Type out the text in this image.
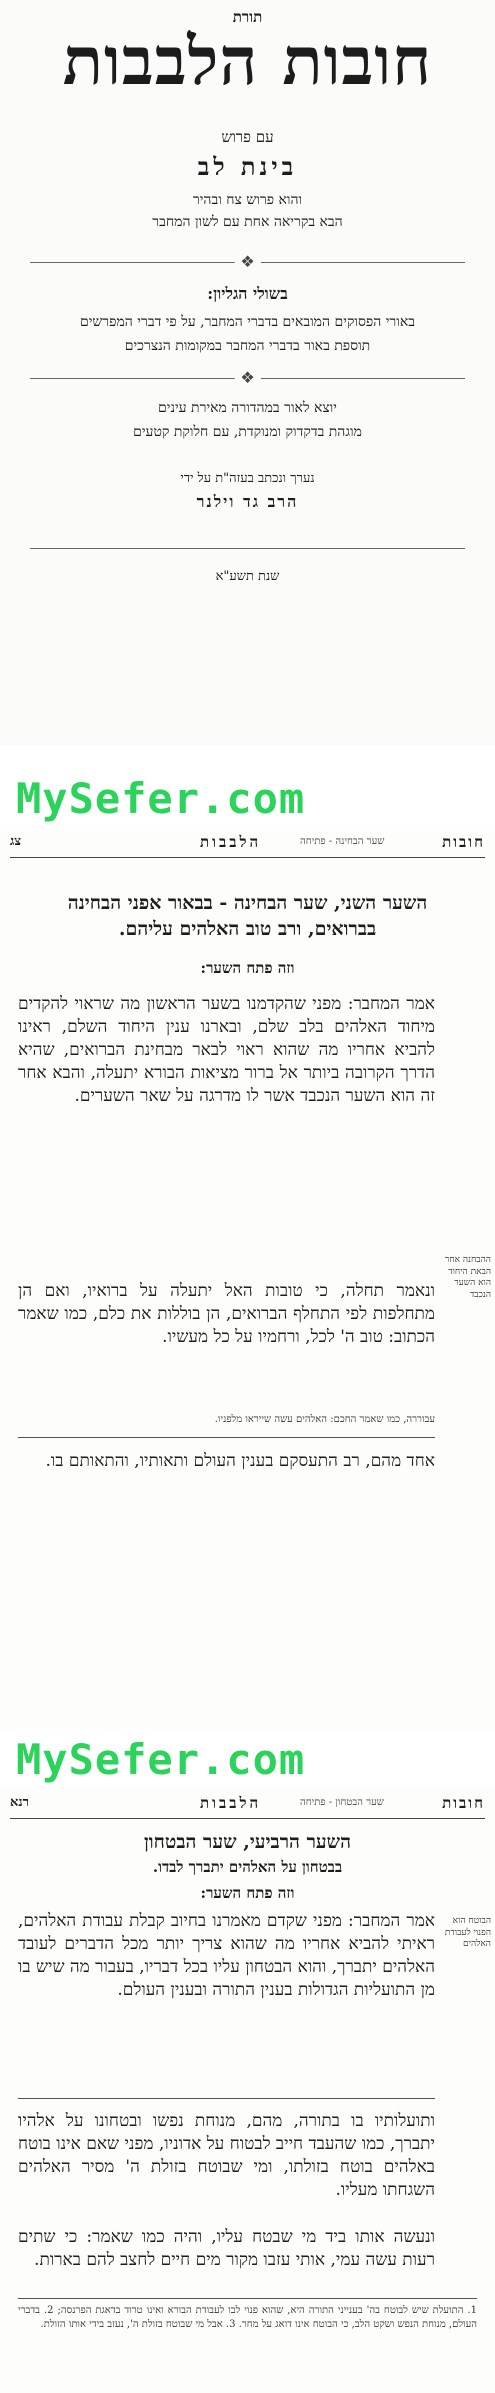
תורת
חובות הלבבות
עם פרוש
בינת לב
והוא פרוש צח ובהיר
הבא בקריאה אחת עם לשון המחבר
❖
בשולי הגליון:
באורי הפסוקים המובאים בדברי המחבר, על פי דברי המפרשים
תוספת באור בדברי המחבר במקומות הנצרכים
❖
יוצא לאור במהדורה מאירת עינים
מוגהת בדקדוק ומנוקדת, עם חלוקת קטעים
נערך ונכתב בעזה"ת על ידי
הרב גד וילנר
שנת תשע"א
MySefer.com
צג	הלבבות	שער הבחינה - פתיחה	חובות
השער השני, שער הבחינה - בבאור אפני הבחינה בברואים, ורב טוב האלהים עליהם.
וזה פתח השער:
אמר המחבר: מפני שהקדמנו בשער הראשון מה שראוי להקדים מיחוד האלהים בלב שלם, ובארנו ענין היחוד השלם, ראינו להביא אחריו מה שהוא ראוי לבאר מבחינת הברואים, שהיא הדרך הקרובה ביותר אל ברור מציאות הבורא יתעלה, והבא אחר זה הוא השער הנכבד אשר לו מדרגה על שאר השערים.
ההבחנה אחר הבאת היחוד הוא השער הנכבד
ונאמר תחלה, כי טובות האל יתעלה על ברואיו, ואם הן מתחלפות לפי התחלף הברואים, הן בוללות את כלם, כמו שאמר הכתוב: טוב ה' לכל, ורחמיו על כל מעשיו.
עבוררה, כמו שאמר החכם: האלהים עשה שייראו מלפניו.
אחד מהם, רב התעסקם בענין העולם ותאותיו, והתאותם בו.
MySefer.com
רנא	הלבבות	שער הבטחון - פתיחה	חובות
השער הרביעי, שער הבטחון
בבטחון על האלהים יתברך לבדו.
וזה פתח השער:
אמר המחבר: מפני שקדם מאמרנו בחיוב קבלת עבודת האלהים, ראיתי להביא אחריו מה שהוא צריך יותר מכל הדברים לעובד האלהים יתברך, והוא הבטחון עליו בכל דבריו, בעבור מה שיש בו מן התועליות הגדולות בענין התורה ובענין העולם.
הבוטח הוא הפנוי לעבודת האלהים
ותועלותיו בו בתורה, מהם, מנוחת נפשו ובטחונו על אלהיו יתברך, כמו שהעבד חייב לבטוח על אדוניו, מפני שאם אינו בוטח באלהים בוטח בזולתו, ומי שבוטח בזולת ה' מסיר האלהים השגחתו מעליו.
ונעשה אותו ביד מי שבטח עליו, והיה כמו שאמר: כי שתים רעות עשה עמי, אותי עזבו מקור מים חיים לחצב להם בארות.
1. התועלת שיש לבוטח בה' בענייני התורה היא, שהוא פנוי לבו לעבודת הבורא ואינו טרוד בדאגת הפרנסה; 2. בדברי העולם, מנוחת הנפש ושקט הלב, כי הבוטח אינו דואג על מחר. 3. אבל מי שבוטח בזולת ה', נעזב בידי אותו הזולת.
